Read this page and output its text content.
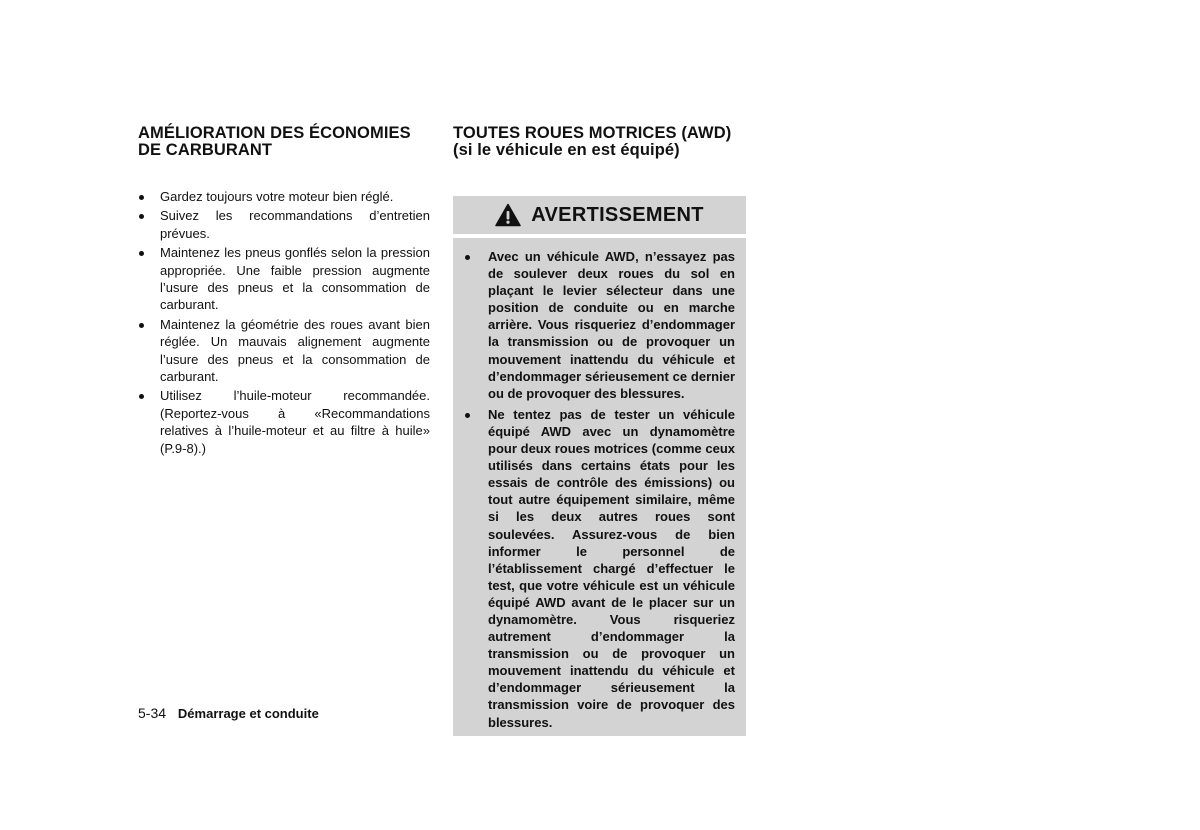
AMÉLIORATION DES ÉCONOMIES
DE CARBURANT
Gardez toujours votre moteur bien réglé.
Suivez les recommandations d’entretien prévues.
Maintenez les pneus gonflés selon la pression appropriée. Une faible pression augmente l’usure des pneus et la consommation de carburant.
Maintenez la géométrie des roues avant bien réglée. Un mauvais alignement augmente l’usure des pneus et la consommation de carburant.
Utilisez l’huile-moteur recommandée. (Reportez-vous à «Recommandations relatives à l’huile-moteur et au filtre à huile» (P.9-8).)
TOUTES ROUES MOTRICES (AWD)
(si le véhicule en est équipé)
AVERTISSEMENT
Avec un véhicule AWD, n’essayez pas de soulever deux roues du sol en plaçant le levier sélecteur dans une position de conduite ou en marche arrière. Vous risqueriez d’endommager la transmission ou de provoquer un mouvement inattendu du véhicule et d’endommager sérieusement ce dernier ou de provoquer des blessures.
Ne tentez pas de tester un véhicule équipé AWD avec un dynamomètre pour deux roues motrices (comme ceux utilisés dans certains états pour les essais de contrôle des émissions) ou tout autre équipement similaire, même si les deux autres roues sont soulevées. Assurez-vous de bien informer le personnel de l’établissement chargé d’effectuer le test, que votre véhicule est un véhicule équipé AWD avant de le placer sur un dynamomètre. Vous risqueriez autrement d’endommager la transmission ou de provoquer un mouvement inattendu du véhicule et d’endommager sérieusement la transmission voire de provoquer des blessures.
5-34 Démarrage et conduite
